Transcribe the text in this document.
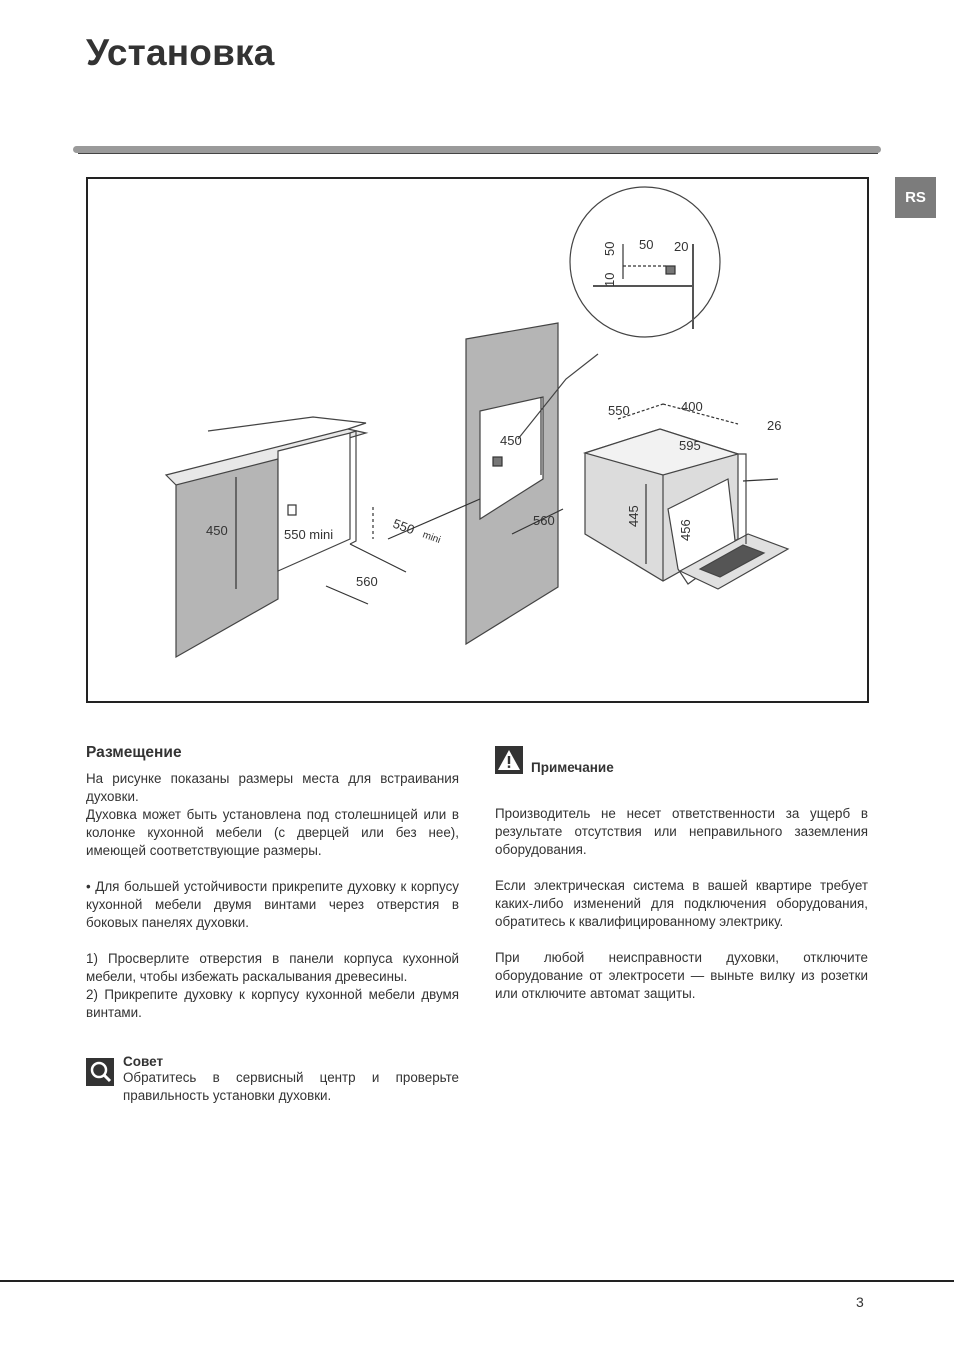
Установка
RS
450	550 mini
560
550
mini
450
560
50 50 20
10
550	400
26
595
445
456
Размещение

На рисунке показаны размеры места для встраивания духовки.

Духовка может быть установлена под столешницей или в колонке кухонной мебели (с дверцей или без нее), имеющей соответствующие размеры.

• Для большей устойчивости прикрепите духовку к корпусу кухонной мебели двумя винтами через отверстия в боковых панелях духовки.

1) Просверлите отверстия в панели корпуса кухонной мебели, чтобы избежать раскалывания древесины.

2) Прикрепите духовку к корпусу кухонной мебели двумя винтами.

Совет

Обратитесь в сервисный центр и проверьте правильность установки духовки.

Примечание

Производитель не несет ответственности за ущерб в результате отсутствия или неправильного заземления оборудования.

Если электрическая система в вашей квартире требует каких-либо изменений для подключения оборудования, обратитесь к квалифицированному электрику.

При любой неисправности духовки, отключите оборудование от электросети — выньте вилку из розетки или отключите автомат защиты.

3
